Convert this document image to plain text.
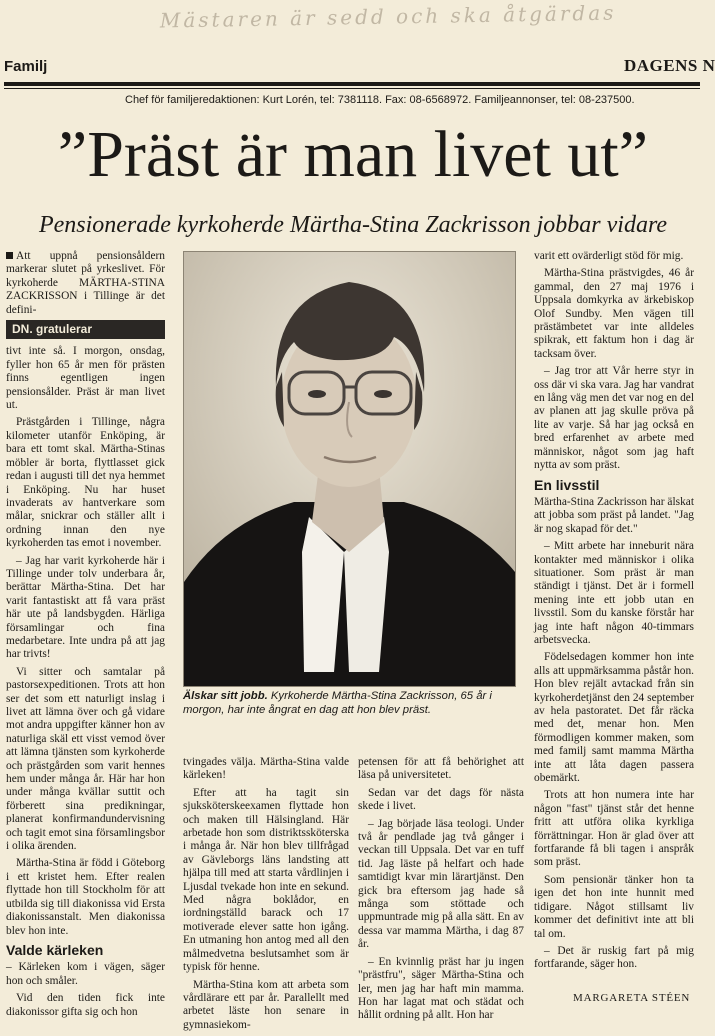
Mästaren är sedd och ska åtgärdas
Familj	DAGENS N
Chef för familjeredaktionen: Kurt Lorén, tel: 7381118. Fax: 08-6568972. Familjeannonser, tel: 08-237500.
”Präst är man livet ut”
Pensionerade kyrkoherde Märtha-Stina Zackrisson jobbar vidare

Att uppnå pensionsåldern markerar slutet på yrkeslivet. För kyrkoherde MÄRTHA-STINA ZACKRISSON i Tillinge är det defini-

DN. gratulerar

tivt inte så. I morgon, onsdag, fyller hon 65 år men för prästen finns egentligen ingen pensionsålder. Präst är man livet ut.

Prästgården i Tillinge, några kilometer utanför Enköping, är bara ett tomt skal. Märtha-Stinas möbler är borta, flyttlasset gick redan i augusti till det nya hemmet i Enköping. Nu har huset invaderats av hantverkare som målar, snickrar och ställer allt i ordning innan den nye kyrkoherden tas emot i november.

– Jag har varit kyrkoherde här i Tillinge under tolv underbara år, berättar Märtha-Stina. Det har varit fantastiskt att få vara präst här ute på landsbygden. Härliga församlingar och fina medarbetare. Inte undra på att jag har trivts!

Vi sitter och samtalar på pastorsexpeditionen. Trots att hon ser det som ett naturligt inslag i livet att lämna över och gå vidare mot andra uppgifter känner hon av naturliga skäl ett visst vemod över att lämna tjänsten som kyrkoherde och prästgården som varit hennes hem under många år. Här har hon under många kvällar suttit och förberett sina predikningar, planerat konfirmandundervisning och tagit emot sina församlingsbor i olika ärenden.

Märtha-Stina är född i Göteborg i ett kristet hem. Efter realen flyttade hon till Stockholm för att utbilda sig till diakonissa vid Ersta diakonissanstalt. Men diakonissa blev hon inte.

Valde kärleken

– Kärleken kom i vägen, säger hon och småler.

Vid den tiden fick inte diakonissor gifta sig och hon

Älskar sitt jobb. Kyrkoherde Märtha-Stina Zackrisson, 65 år i morgon, har inte ångrat en dag att hon blev präst.

tvingades välja. Märtha-Stina valde kärleken!

Efter att ha tagit sin sjuksköterskeexamen flyttade hon och maken till Hälsingland. Här arbetade hon som distriktssköterska i många år. När hon blev tillfrågad av Gävleborgs läns landsting att hjälpa till med att starta vårdlinjen i Ljusdal tvekade hon inte en sekund. Med några boklådor, en iordningställd barack och 17 motiverade elever satte hon igång. En utmaning hon antog med all den målmedvetna beslutsamhet som är typisk för henne.

Märtha-Stina kom att arbeta som vårdlärare ett par år. Parallellt med arbetet läste hon senare in gymnasiekom-

petensen för att få behörighet att läsa på universitetet.

Sedan var det dags för nästa skede i livet.

– Jag började läsa teologi. Under två år pendlade jag två gånger i veckan till Uppsala. Det var en tuff tid. Jag läste på helfart och hade samtidigt kvar min lärartjänst. Den gick bra eftersom jag hade så många som stöttade och uppmuntrade mig på alla sätt. En av dessa var mamma Märtha, i dag 87 år.

– En kvinnlig präst har ju ingen "prästfru", säger Märtha-Stina och ler, men jag har haft min mamma. Hon har lagat mat och städat och hållit ordning på allt. Hon har

varit ett ovärderligt stöd för mig.

Märtha-Stina prästvigdes, 46 år gammal, den 27 maj 1976 i Uppsala domkyrka av ärkebiskop Olof Sundby. Men vägen till prästämbetet var inte alldeles spikrak, ett faktum hon i dag är tacksam över.

– Jag tror att Vår herre styr in oss där vi ska vara. Jag har vandrat en lång väg men det var nog en del av planen att jag skulle pröva på lite av varje. Så har jag också en bred erfarenhet av arbete med människor, något som jag haft nytta av som präst.

En livsstil

Märtha-Stina Zackrisson har älskat att jobba som präst på landet. "Jag är nog skapad för det."

– Mitt arbete har inneburit nära kontakter med människor i olika situationer. Som präst är man ständigt i tjänst. Det är i formell mening inte ett jobb utan en livsstil. Som du kanske förstår har jag inte haft någon 40-timmars arbetsvecka.

Födelsedagen kommer hon inte alls att uppmärksamma påstår hon. Hon blev rejält avtackad från sin kyrkoherdetjänst den 24 september av hela pastoratet. Det får räcka med det, menar hon. Men förmodligen kommer maken, som med familj samt mamma Märtha inte att låta dagen passera obemärkt.

Trots att hon numera inte har någon "fast" tjänst står det henne fritt att utföra olika kyrkliga förrättningar. Hon är glad över att fortfarande få bli tagen i anspråk som präst.

Som pensionär tänker hon ta igen det hon inte hunnit med tidigare. Något stillsamt liv kommer det definitivt inte att bli tal om.

– Det är ruskig fart på mig fortfarande, säger hon.

MARGARETA STÉEN
